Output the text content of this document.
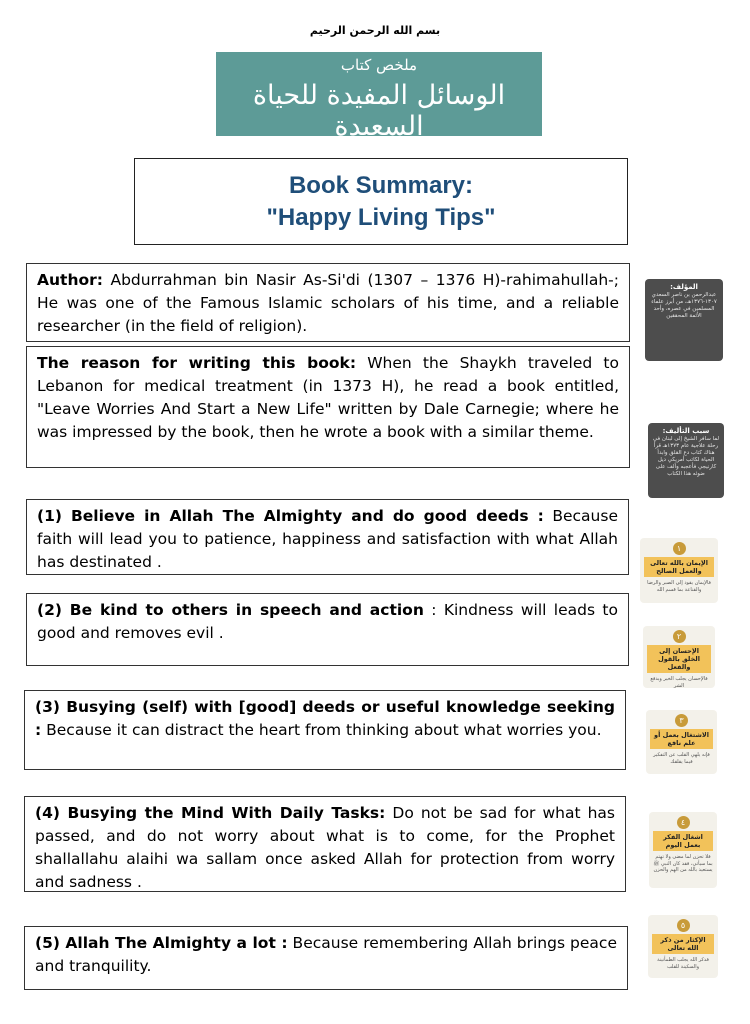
بسم الله الرحمن الرحيم
ملخص كتاب
الوسائل المفيدة للحياة السعيدة
Book Summary:
"Happy Living Tips"
Author: Abdurrahman bin Nasir As-Si'di (1307 – 1376 H)-rahimahullah-; He was one of the Famous Islamic scholars of his time, and a reliable researcher (in the field of religion).
The reason for writing this book: When the Shaykh traveled to Lebanon for medical treatment (in 1373 H), he read a book entitled, "Leave Worries And Start a New Life" written by Dale Carnegie; where he was impressed by the book, then he wrote a book with a similar theme.
(1) Believe in Allah The Almighty and do good deeds : Because faith will lead you to patience, happiness and satisfaction with what Allah has destinated .
(2) Be kind to others in speech and action : Kindness will leads to good and removes evil .
(3) Busying (self) with [good] deeds or useful knowledge seeking : Because it can distract the heart from thinking about what worries you.
(4) Busying the Mind With Daily Tasks: Do not be sad for what has passed, and do not worry about what is to come, for the Prophet shallallahu alaihi wa sallam once asked Allah for protection from worry and sadness .
(5) Allah The Almighty a lot : Because remembering Allah brings peace and tranquility.
المؤلف:
عبدالرحمن بن ناصر السعدي ١٣٠٧-١٣٧٦هـ، من أبرز علماء المسلمين في عصره، وأحد الأئمة المحققين
سبب التأليف:
لما سافر الشيخ إلى لبنان في رحلة علاجية عام ١٣٧٣هـ قرأ هناك كتاب دع القلق وابدأ الحياة لكاتب أمريكي ديل كارنيجي فأعجبه وألف على ضوئه هذا الكتاب
١
الإيمان بالله تعالى والعمل الصالح
فالإيمان يقود إلى الصبر والرضا والقناعة بما قسم الله
٢
الإحسان إلى الخلق بالقول والفعل
فالإحسان يجلب الخير ويدفع الشر
٣
الاشتغال بعمل أو علم نافع
فإنه يلهي القلب عن التفكير فيما يقلقك
٤
اشغال الفكر بعمل اليوم
فلا تحزن لما مضى ولا تهتم بما سيأتي، فقد كان النبي ﷺ يستعيذ بالله من الهم والحزن
٥
الإكثار من ذكر الله تعالى
فذكر الله يجلب الطمأنينة والسكينة للقلب
